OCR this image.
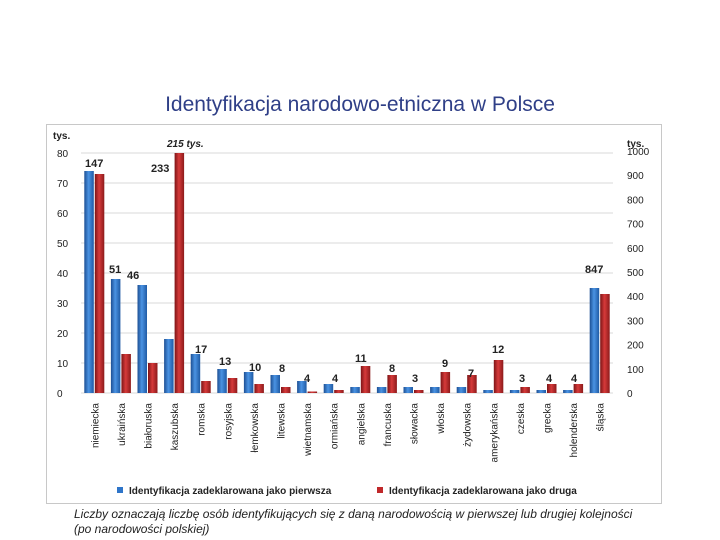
Identyfikacja narodowo-etniczna w Polsce
0
10
20
30
40
50
60
70
80
0
100
200
300
400
500
600
700
800
900
1000
tys.
tys.
niemiecka ukraińska białoruska kaszubska romska rosyjska łemkowska litewska wietnamska ormiańska angielska francuska słowacka włoska żydowska amerykańska czeska grecka holenderska śląska
147	233
215 tys.
51 46
17
13 10 8
4 4
11
8
3
9
7
12
3 4 4
847
Identyfikacja zadeklarowana jako pierwsza	Identyfikacja zadeklarowana jako druga
Liczby oznaczają liczbę osób identyfikujących się z daną narodowością w pierwszej lub drugiej kolejności
(po narodowości polskiej)
